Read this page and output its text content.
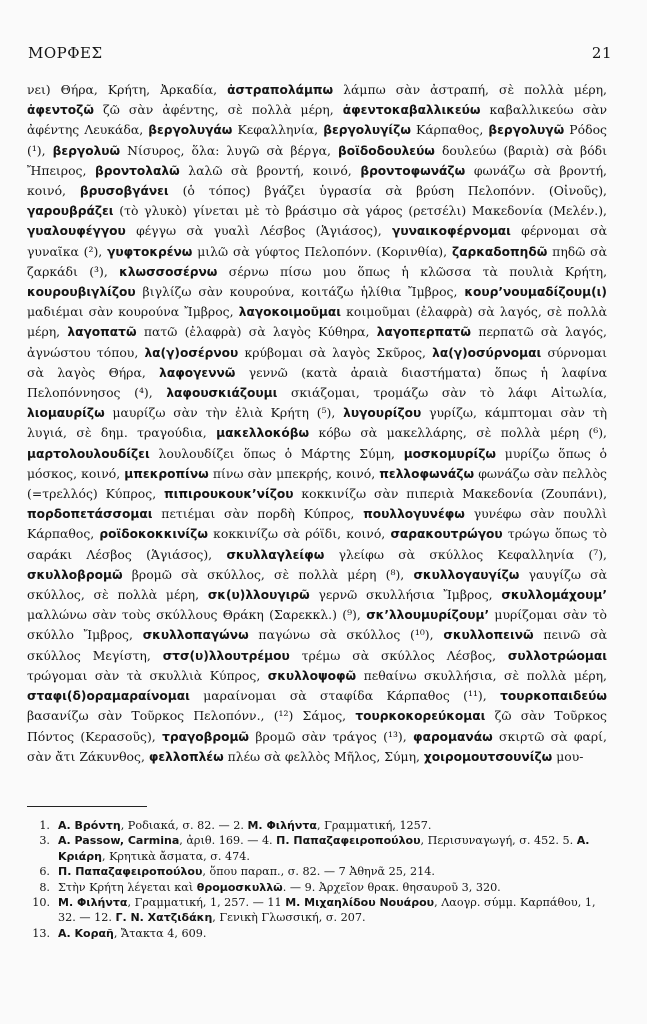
ΜΟΡΦΕΣ	21
νει) Θήρα, Κρήτη, Ἀρκαδία, ἀστραπολάμπω λάμπω σὰν ἀστραπή, σὲ πολλὰ μέρη, ἀφεντοζῶ ζῶ σὰν ἀφέντης, σὲ πολλὰ μέρη, ἀφεντοκαβαλλικεύω καβαλλικεύω σὰν ἀφέντης Λευκάδα, βεργολυγάω Κεφαλληνία, βεργολυγίζω Κάρπαθος, βεργολυγῶ Ρόδος (¹), βεργολυῶ Νίσυρος, ὅλα: λυγῶ σὰ βέργα, βοϊδοδουλεύω δουλεύω (βαριὰ) σὰ βόδι Ἤπειρος, βροντολαλῶ λαλῶ σὰ βροντή, κοινό, βροντοφωνάζω φωνάζω σὰ βροντή, κοινό, βρυσοβγάνει (ὁ τόπος) βγάζει ὑγρασία σὰ βρύση Πελοπόνν. (Οἰνοῦς), γαρουβράζει (τὸ γλυκὸ) γίνεται μὲ τὸ βράσιμο σὰ γάρος (ρετσέλι) Μακεδονία (Μελέν.), γυαλουφέγγου φέγγω σὰ γυαλὶ Λέσβος (Ἁγιάσος), γυναικοφέρνομαι φέρνομαι σὰ γυναῖκα (²), γυφτοκρένω μιλῶ σὰ γύφτος Πελοπόνν. (Κορινθία), ζαρκαδοπηδῶ πηδῶ σὰ ζαρκάδι (³), κλωσσοσέρνω σέρνω πίσω μου ὅπως ἡ κλῶσσα τὰ πουλιὰ Κρήτη, κουρουβιγλίζου βιγλίζω σὰν κουρούνα, κοιτάζω ἡλίθια Ἴμβρος, κουρ’νουμαδίζουμ(ι) μαδιέμαι σὰν κουρούνα Ἴμβρος, λαγοκοιμοῦμαι κοιμοῦμαι (ἐλαφρὰ) σὰ λαγός, σὲ πολλὰ μέρη, λαγοπατῶ πατῶ (ἐλαφρὰ) σὰ λαγὸς Κύθηρα, λαγοπερπατῶ περπατῶ σὰ λαγός, ἀγνώστου τόπου, λα(γ)οσέρνου κρύβομαι σὰ λαγὸς Σκῦρος, λα(γ)οσύρνομαι σύρνομαι σὰ λαγὸς Θήρα, λαφογεννῶ γεννῶ (κατὰ ἀραιὰ διαστήματα) ὅπως ἡ λαφίνα Πελοπόννησος (⁴), λαφουσκιάζουμι σκιάζομαι, τρομάζω σὰν τὸ λάφι Αἰτωλία, λιομαυρίζω μαυρίζω σὰν τὴν ἐλιὰ Κρήτη (⁵), λυγουρίζου γυρίζω, κάμπτομαι σὰν τὴ λυγιά, σὲ δημ. τραγούδια, μακελλοκόβω κόβω σὰ μακελλάρης, σὲ πολλὰ μέρη (⁶), μαρτολουλουδίζει λουλουδίζει ὅπως ὁ Μάρτης Σύμη, μοσκομυρίζω μυρίζω ὅπως ὁ μόσκος, κοινό, μπεκροπίνω πίνω σὰν μπεκρής, κοινό, πελλοφωνάζω φωνάζω σὰν πελλὸς (=τρελλός) Κύπρος, πιπιρουκουκ’νίζου κοκκινίζω σὰν πιπεριὰ Μακεδονία (Ζουπάνι), πορδοπετάσσομαι πετιέμαι σὰν πορδὴ Κύπρος, πουλλογυνέφω γυνέφω σὰν πουλλὶ Κάρπαθος, ροϊδοκοκκινίζω κοκκινίζω σὰ ρόϊδι, κοινό, σαρακουτρώγου τρώγω ὅπως τὸ σαράκι Λέσβος (Ἁγιάσος), σκυλλαγλείφω γλείφω σὰ σκύλλος Κεφαλληνία (⁷), σκυλλοβρομῶ βρομῶ σὰ σκύλλος, σὲ πολλὰ μέρη (⁸), σκυλλογαυγίζω γαυγίζω σὰ σκύλλος, σὲ πολλὰ μέρη, σκ(υ)λλουγιρῶ γερνῶ σκυλλήσια Ἴμβρος, σκυλλομάχουμ’ μαλλώνω σὰν τοὺς σκύλλους Θράκη (Σαρεκκλ.) (⁹), σκ’λλουμυρίζουμ’ μυρίζομαι σὰν τὸ σκύλλο Ἴμβρος, σκυλλοπαγώνω παγώνω σὰ σκύλλος (¹⁰), σκυλλοπεινῶ πεινῶ σὰ σκύλλος Μεγίστη, στσ(υ)λλουτρέμου τρέμω σὰ σκύλλος Λέσβος, συλλοτρώομαι τρώγομαι σὰν τὰ σκυλλιὰ Κύπρος, σκυλλοψοφῶ πεθαίνω σκυλλήσια, σὲ πολλὰ μέρη, σταφι(δ)οραμαραίνομαι μαραίνομαι σὰ σταφίδα Κάρπαθος (¹¹), τουρκοπαιδεύω βασανίζω σὰν Τοῦρκος Πελοπόνν., (¹²) Σάμος, τουρκοκορεύκομαι ζῶ σὰν Τοῦρκος Πόντος (Κερασοῦς), τραγοβρομῶ βρομῶ σὰν τράγος (¹³), φαρομανάω σκιρτῶ σὰ φαρί, σὰν ἄτι Ζάκυνθος, φελλοπλέω πλέω σὰ φελλὸς Μῆλος, Σύμη, χοιρομουτσουνίζω μου-
1. Α. Βρόντη, Ροδιακά, σ. 82. — 2. Μ. Φιλήντα, Γραμματική, 1257.
3. Α. Passow, Carmina, ἀριθ. 169. — 4. Π. Παπαζαφειροπούλου, Περισυναγωγή, σ. 452. 5. Α. Κριάρη, Κρητικὰ ἄσματα, σ. 474.
6. Π. Παπαζαφειροπούλου, ὅπου παραπ., σ. 82. — 7 Ἀθηνᾶ 25, 214.
8. Στὴν Κρήτη λέγεται καὶ θρομοσκυλλῶ. — 9. Ἀρχεῖον θρακ. θησαυροῦ 3, 320.
10. Μ. Φιλήντα, Γραμματική, 1, 257. — 11 Μ. Μιχαηλίδου Νουάρου, Λαογρ. σύμμ. Καρπάθου, 1, 32. — 12. Γ. Ν. Χατζιδάκη, Γενικὴ Γλωσσική, σ. 207.
13. Α. Κοραῆ, Ἄτακτα 4, 609.
